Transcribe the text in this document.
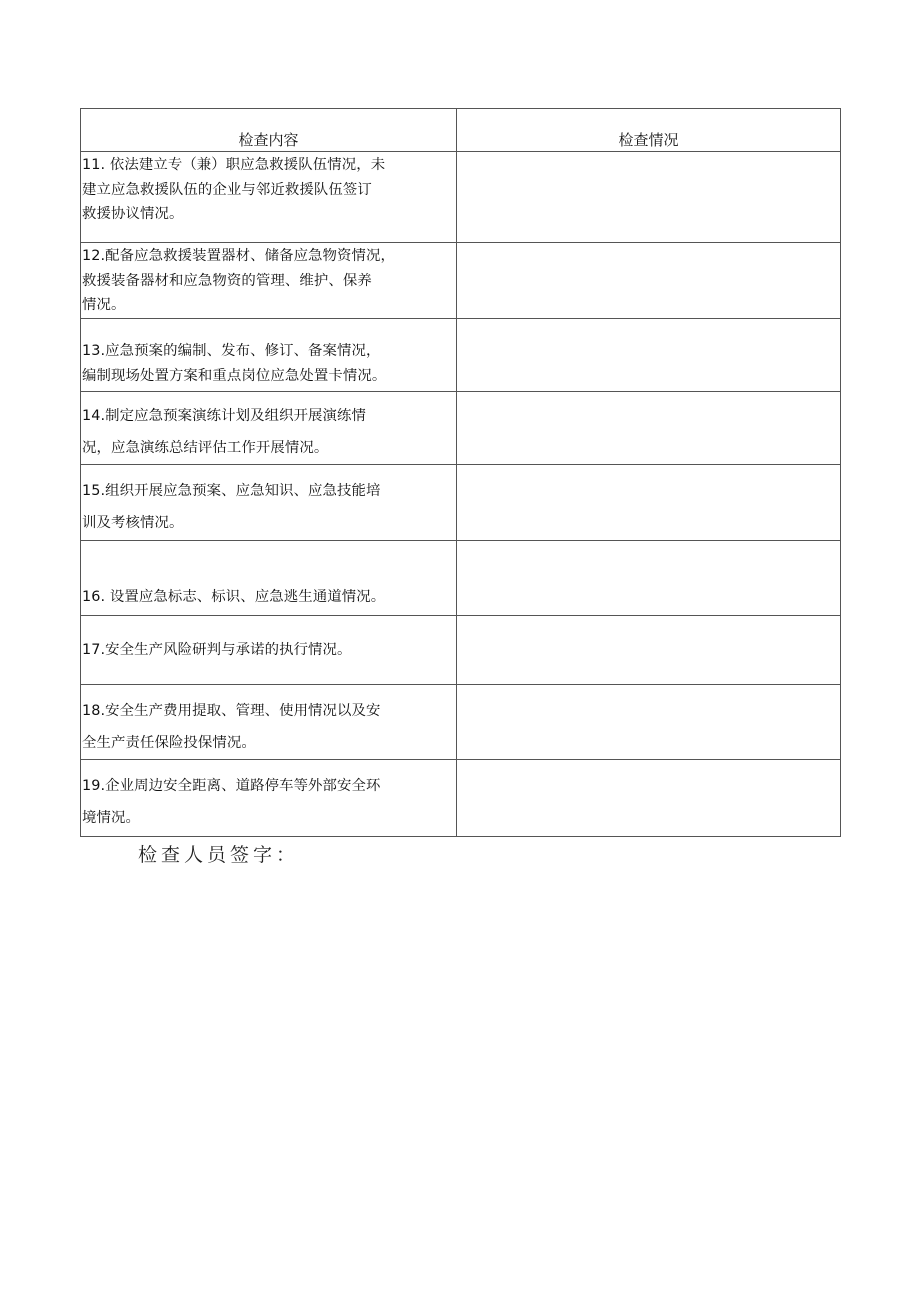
检查内容	检查情况

11. 依法建立专（兼）职应急救援队伍情况，未
建立应急救援队伍的企业与邻近救援队伍签订
救援协议情况。	

12.配备应急救援装置器材、储备应急物资情况，
救援装备器材和应急物资的管理、维护、保养
情况。	

13.应急预案的编制、发布、修订、备案情况，
编制现场处置方案和重点岗位应急处置卡情况。	

14.制定应急预案演练计划及组织开展演练情
况，应急演练总结评估工作开展情况。	

15.组织开展应急预案、应急知识、应急技能培
训及考核情况。	

16. 设置应急标志、标识、应急逃生通道情况。	

17.安全生产风险研判与承诺的执行情况。	

18.安全生产费用提取、管理、使用情况以及安
全生产责任保险投保情况。	

19.企业周边安全距离、道路停车等外部安全环
境情况。	

检查人员签字：
